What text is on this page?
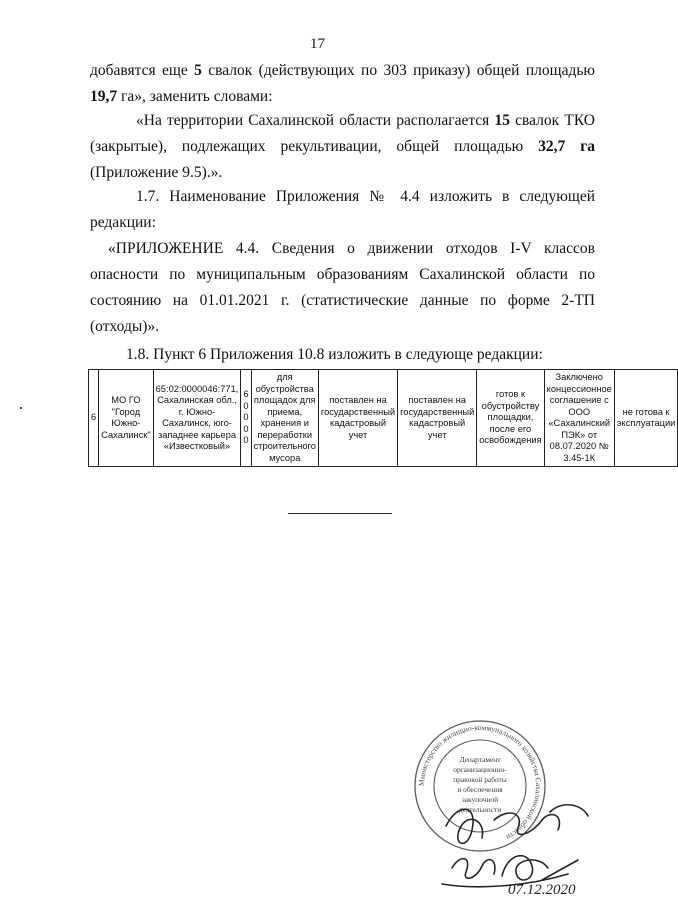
17

добавятся еще 5 свалок (действующих по 303 приказу) общей площадью 19,7 га», заменить словами:

«На территории Сахалинской области располагается 15 свалок ТКО (закрытые), подлежащих рекультивации, общей площадью 32,7 га (Приложение 9.5).».

1.7. Наименование Приложения № 4.4 изложить в следующей редакции:

«ПРИЛОЖЕНИЕ 4.4. Сведения о движении отходов I-V классов опасности по муниципальным образованиям Сахалинской области по состоянию на 01.01.2021 г. (статистические данные по форме 2-ТП (отходы)».

1.8. Пункт 6 Приложения 10.8 изложить в следующе редакции:

6	МО ГО "Город Южно-Сахалинск"	65:02:0000046:771, Сахалинская обл., г. Южно-Сахалинск, юго-западнее карьера «Известковый»	60000	для обустройства площадок для приема, хранения и переработки строительного мусора	поставлен на государственный кадастровый учет	поставлен на государственный кадастровый учет	готов к обустройству площадки, после его освобождения	Заключено концессионное соглашение с ООО «Сахалинский ПЭК» от 08.07.2020 № 3.45-1К	не готова к эксплуатации
Министерство жилищно-коммунального хозяйства Сахалинской области
Департамент
организационно-
правовой работы
и обеспечения
закупочной
деятельности
07.12.2020
